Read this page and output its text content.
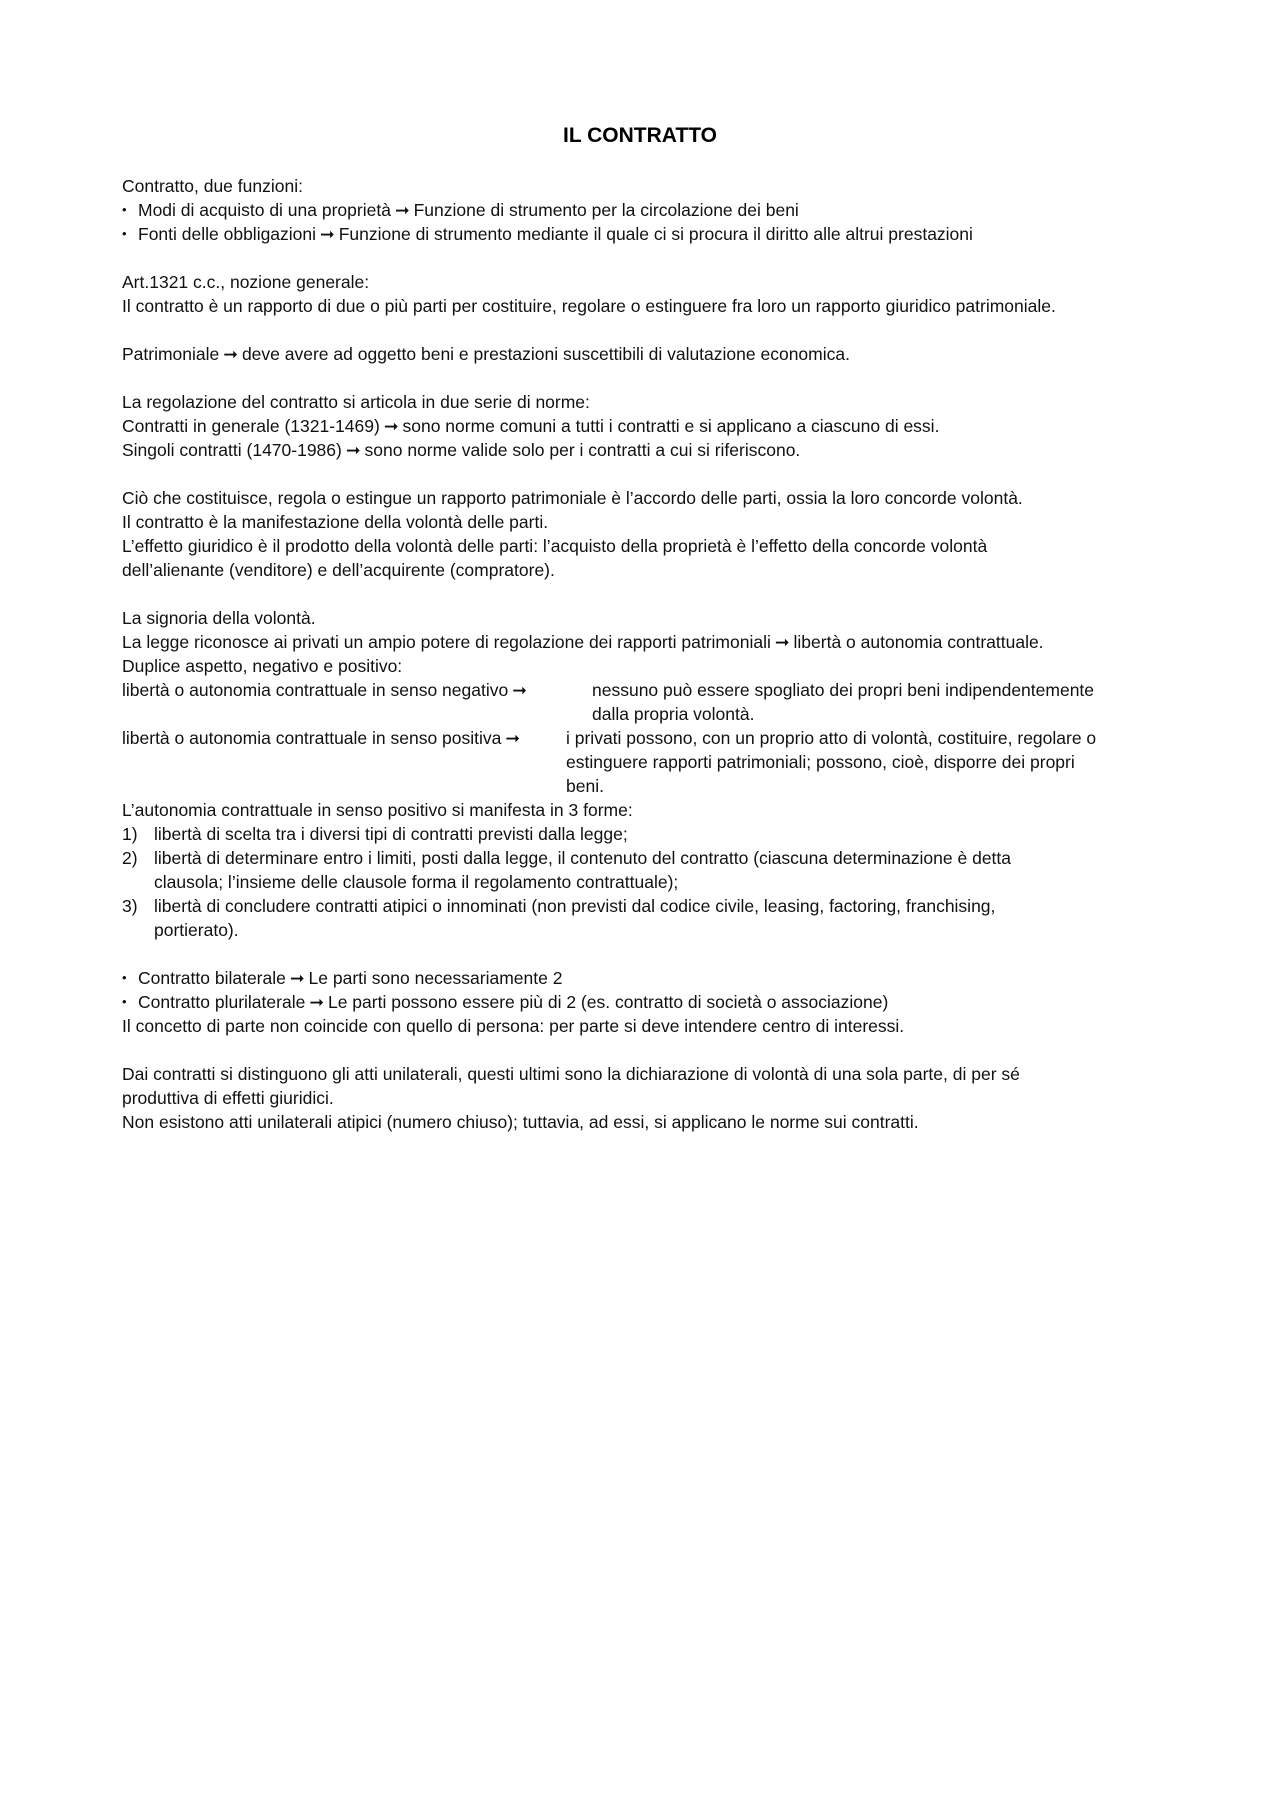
IL CONTRATTO

Contratto, due funzioni:

• Modi di acquisto di una proprietà ➞ Funzione di strumento per la circolazione dei beni
• Fonti delle obbligazioni ➞ Funzione di strumento mediante il quale ci si procura il diritto alle altrui prestazioni

Art.1321 c.c., nozione generale:

Il contratto è un rapporto di due o più parti per costituire, regolare o estinguere fra loro un rapporto giuridico patrimoniale.

Patrimoniale ➞ deve avere ad oggetto beni e prestazioni suscettibili di valutazione economica.

La regolazione del contratto si articola in due serie di norme:

Contratti in generale (1321-1469) ➞ sono norme comuni a tutti i contratti e si applicano a ciascuno di essi.

Singoli contratti (1470-1986) ➞ sono norme valide solo per i contratti a cui si riferiscono.

Ciò che costituisce, regola o estingue un rapporto patrimoniale è l’accordo delle parti, ossia la loro concorde volontà.

Il contratto è la manifestazione della volontà delle parti.

L’effetto giuridico è il prodotto della volontà delle parti: l’acquisto della proprietà è l’effetto della concorde volontà

dell’alienante (venditore) e dell’acquirente (compratore).

La signoria della volontà.

La legge riconosce ai privati un ampio potere di regolazione dei rapporti patrimoniali ➞ libertà o autonomia contrattuale.

Duplice aspetto, negativo e positivo:

libertà o autonomia contrattuale in senso negativo ➞	nessuno può essere spogliato dei propri beni indipendentemente
dalla propria volontà.
libertà o autonomia contrattuale in senso positiva ➞	i privati possono, con un proprio atto di volontà, costituire, regolare o
estinguere rapporti patrimoniali; possono, cioè, disporre dei propri
beni.

L’autonomia contrattuale in senso positivo si manifesta in 3 forme:

1) libertà di scelta tra i diversi tipi di contratti previsti dalla legge;
2) libertà di determinare entro i limiti, posti dalla legge, il contenuto del contratto (ciascuna determinazione è detta
clausola; l’insieme delle clausole forma il regolamento contrattuale);
3) libertà di concludere contratti atipici o innominati (non previsti dal codice civile, leasing, factoring, franchising,
portierato).
• Contratto bilaterale ➞ Le parti sono necessariamente 2
• Contratto plurilaterale ➞ Le parti possono essere più di 2 (es. contratto di società o associazione)

Il concetto di parte non coincide con quello di persona: per parte si deve intendere centro di interessi.

Dai contratti si distinguono gli atti unilaterali, questi ultimi sono la dichiarazione di volontà di una sola parte, di per sé

produttiva di effetti giuridici.

Non esistono atti unilaterali atipici (numero chiuso); tuttavia, ad essi, si applicano le norme sui contratti.
